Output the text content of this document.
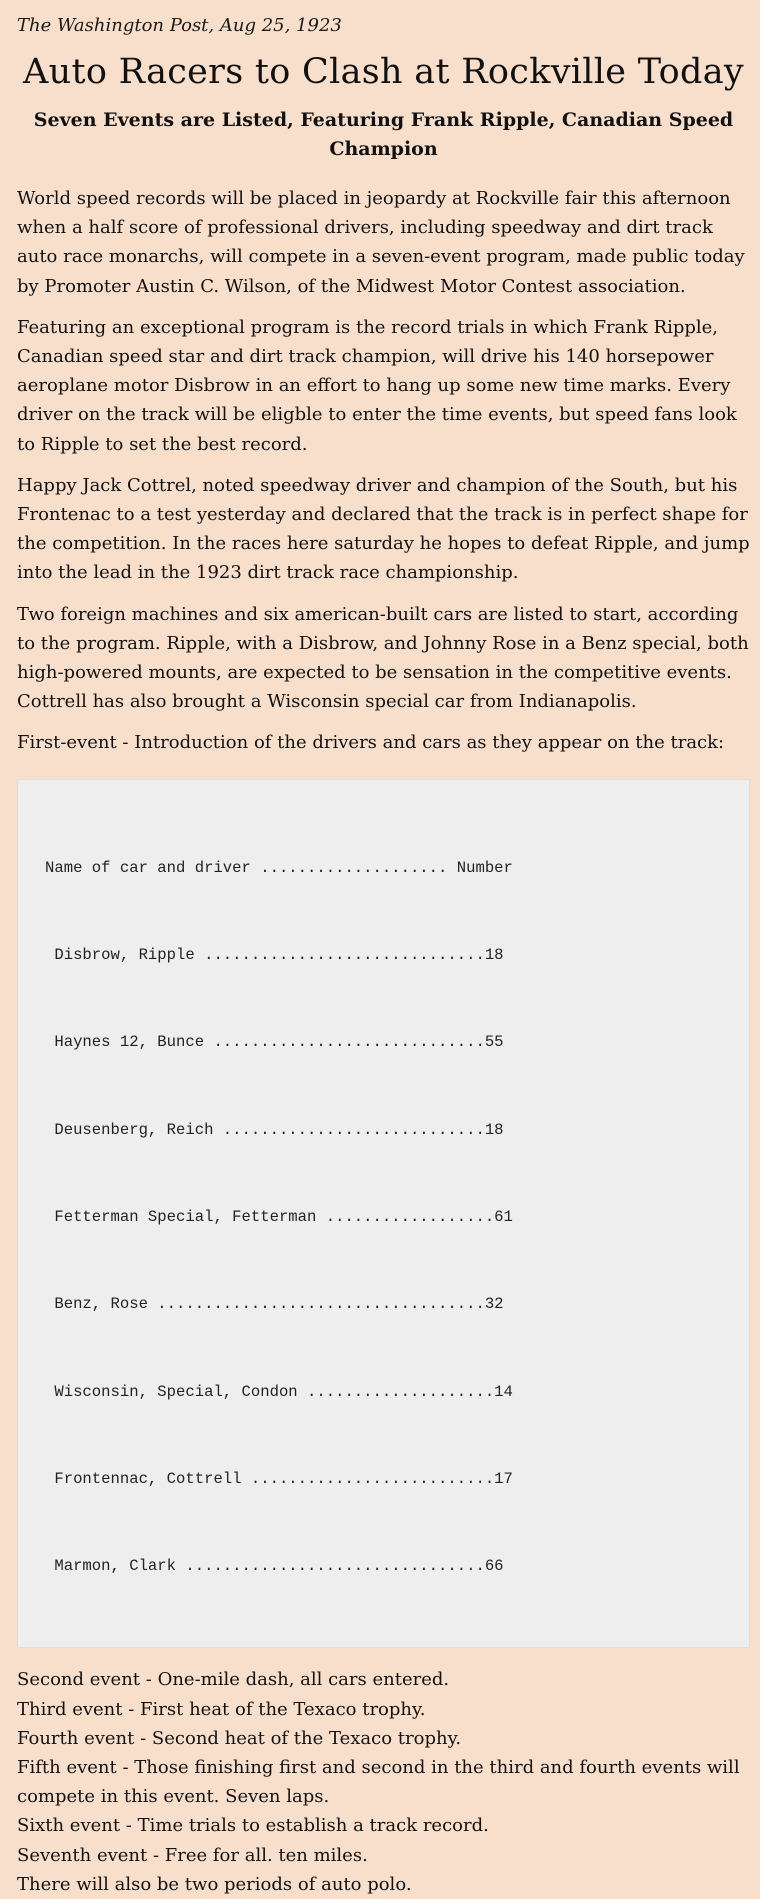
The Washington Post, Aug 25, 1923
Auto Racers to Clash at Rockville Today
Seven Events are Listed, Featuring Frank Ripple, Canadian Speed Champion

World speed records will be placed in jeopardy at Rockville fair this afternoon when a half score of professional drivers, including speedway and dirt track auto race monarchs, will compete in a seven-event program, made public today by Promoter Austin C. Wilson, of the Midwest Motor Contest association.

Featuring an exceptional program is the record trials in which Frank Ripple, Canadian speed star and dirt track champion, will drive his 140 horsepower aeroplane motor Disbrow in an effort to hang up some new time marks. Every driver on the track will be eligble to enter the time events, but speed fans look to Ripple to set the best record.

Happy Jack Cottrel, noted speedway driver and champion of the South, but his Frontenac to a test yesterday and declared that the track is in perfect shape for the competition. In the races here saturday he hopes to defeat Ripple, and jump into the lead in the 1923 dirt track race championship.

Two foreign machines and six american-built cars are listed to start, according to the program. Ripple, with a Disbrow, and Johnny Rose in a Benz special, both high-powered mounts, are expected to be sensation in the competitive events. Cottrell has also brought a Wisconsin special car from Indianapolis.

First-event - Introduction of the drivers and cars as they appear on the track:

Name of car and driver .................... Number

Disbrow, Ripple ..............................18

Haynes 12, Bunce .............................55

Deusenberg, Reich ............................18

Fetterman Special, Fetterman ..................61

Benz, Rose ...................................32

Wisconsin, Special, Condon ....................14

Frontennac, Cottrell ..........................17

Marmon, Clark ................................66

Second event - One-mile dash, all cars entered.
Third event - First heat of the Texaco trophy.
Fourth event - Second heat of the Texaco trophy.
Fifth event - Those finishing first and second in the third and fourth events will compete in this event. Seven laps.
Sixth event - Time trials to establish a track record.
Seventh event - Free for all. ten miles.
There will also be two periods of auto polo.
